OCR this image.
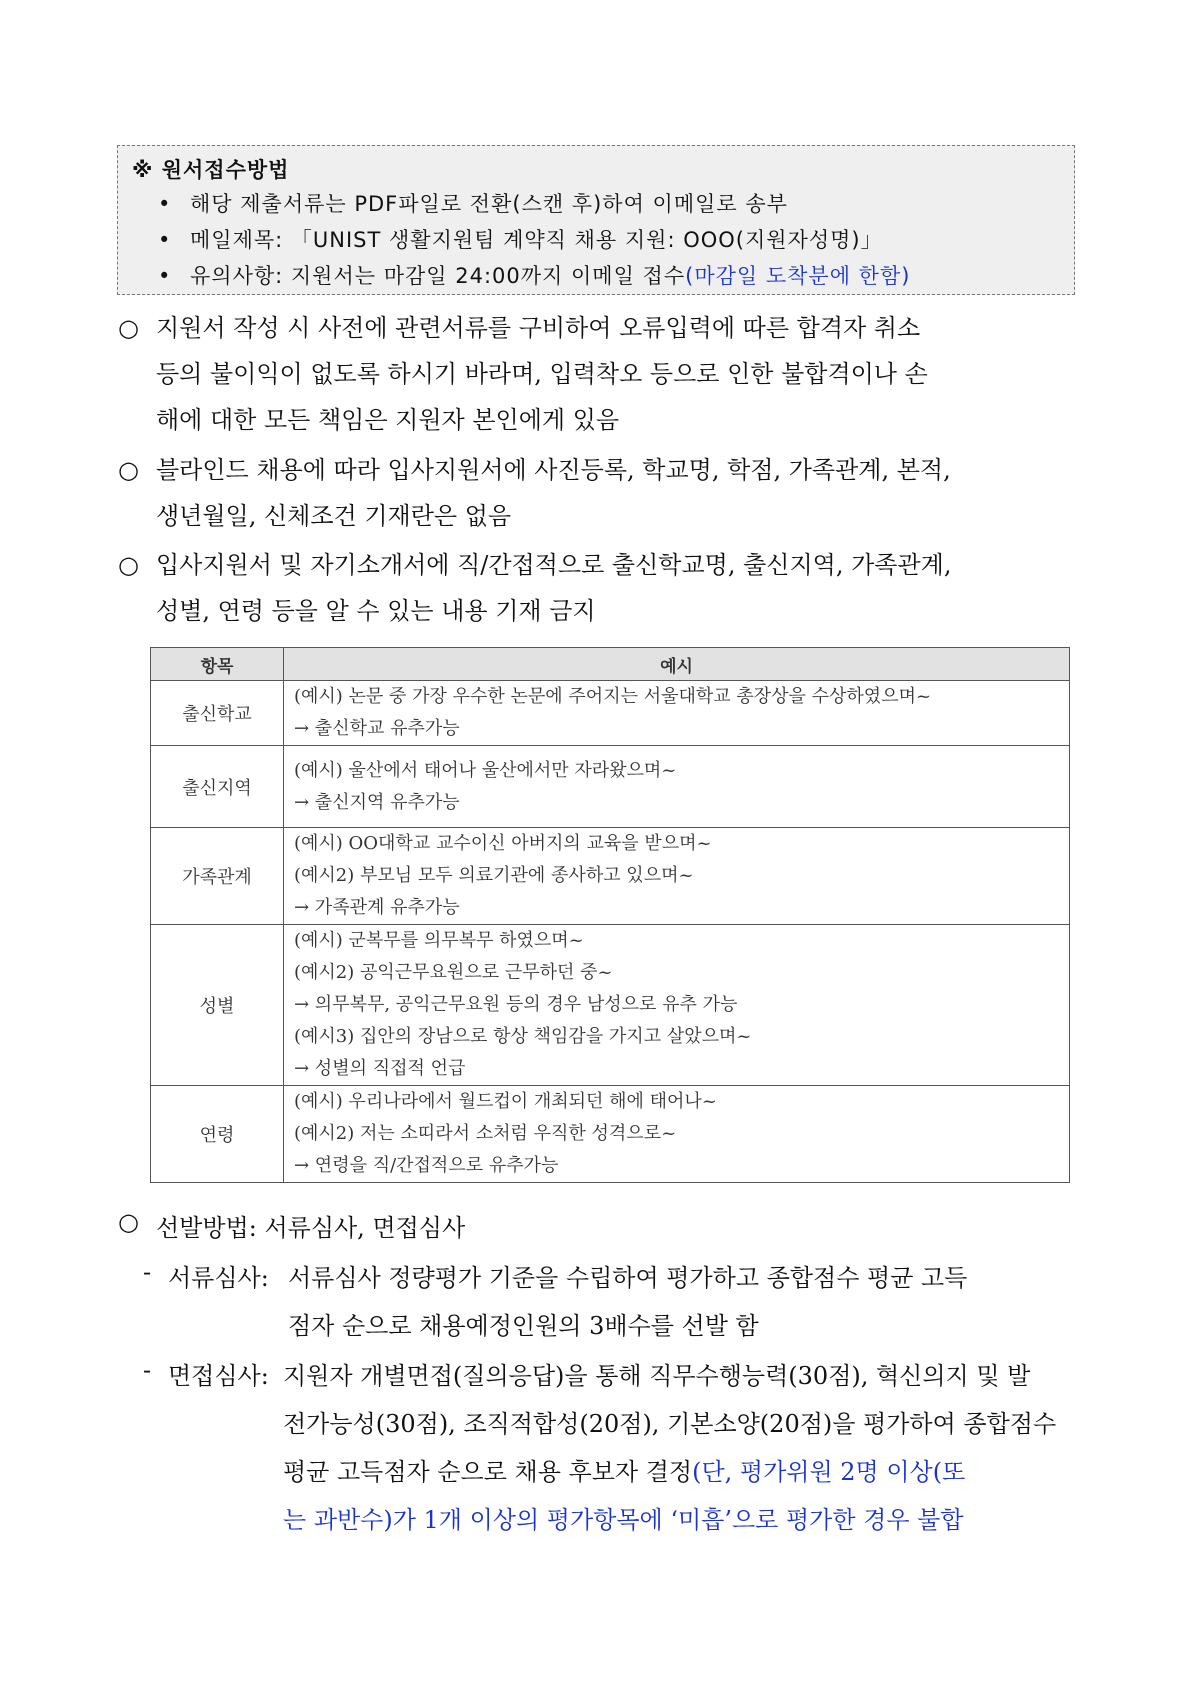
※ 원서접수방법
• 해당 제출서류는 PDF파일로 전환(스캔 후)하여 이메일로 송부
• 메일제목: 「UNIST 생활지원팀 계약직 채용 지원: OOO(지원자성명)」
• 유의사항: 지원서는 마감일 24:00까지 이메일 접수(마감일 도착분에 한함)
○ 지원서 작성 시 사전에 관련서류를 구비하여 오류입력에 따른 합격자 취소
등의 불이익이 없도록 하시기 바라며, 입력착오 등으로 인한 불합격이나 손
해에 대한 모든 책임은 지원자 본인에게 있음
○ 블라인드 채용에 따라 입사지원서에 사진등록, 학교명, 학점, 가족관계, 본적,
생년월일, 신체조건 기재란은 없음
○ 입사지원서 및 자기소개서에 직/간접적으로 출신학교명, 출신지역, 가족관계,
성별, 연령 등을 알 수 있는 내용 기재 금지
항목	예시
출신학교	(예시) 논문 중 가장 우수한 논문에 주어지는 서울대학교 총장상을 수상하였으며~
→ 출신학교 유추가능

출신지역	(예시) 울산에서 태어나 울산에서만 자라왔으며~
→ 출신지역 유추가능

가족관계	(예시) OO대학교 교수이신 아버지의 교육을 받으며~
(예시2) 부모님 모두 의료기관에 종사하고 있으며~
→ 가족관계 유추가능

성별	(예시) 군복무를 의무복무 하였으며~
(예시2) 공익근무요원으로 근무하던 중~
→ 의무복무, 공익근무요원 등의 경우 남성으로 유추 가능
(예시3) 집안의 장남으로 항상 책임감을 가지고 살았으며~
→ 성별의 직접적 언급

연령	(예시) 우리나라에서 월드컵이 개최되던 해에 태어나~
(예시2) 저는 소띠라서 소처럼 우직한 성격으로~
→ 연령을 직/간접적으로 유추가능
○ 선발방법: 서류심사, 면접심사
- 서류심사: 서류심사 정량평가 기준을 수립하여 평가하고 종합점수 평균 고득
점자 순으로 채용예정인원의 3배수를 선발 함
- 면접심사: 지원자 개별면접(질의응답)을 통해 직무수행능력(30점), 혁신의지 및 발
전가능성(30점), 조직적합성(20점), 기본소양(20점)을 평가하여 종합점수
평균 고득점자 순으로 채용 후보자 결정(단, 평가위원 2명 이상(또
는 과반수)가 1개 이상의 평가항목에 ‘미흡’으로 평가한 경우 불합
